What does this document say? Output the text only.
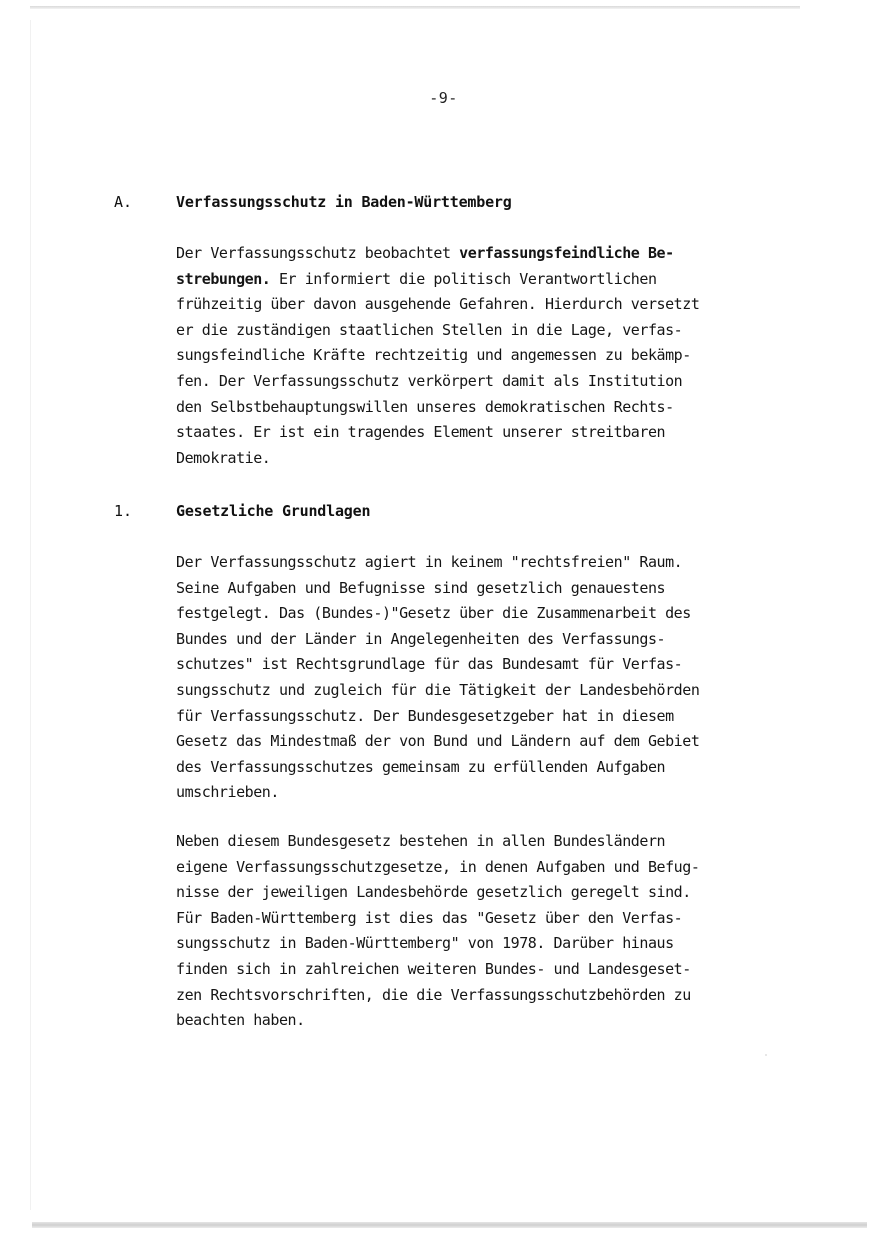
-9-
A.	Verfassungsschutz in Baden-Württemberg
Der Verfassungsschutz beobachtet verfassungsfeindliche Be-
strebungen. Er informiert die politisch Verantwortlichen
frühzeitig über davon ausgehende Gefahren. Hierdurch versetzt
er die zuständigen staatlichen Stellen in die Lage, verfas-
sungsfeindliche Kräfte rechtzeitig und angemessen zu bekämp-
fen. Der Verfassungsschutz verkörpert damit als Institution
den Selbstbehauptungswillen unseres demokratischen Rechts-
staates. Er ist ein tragendes Element unserer streitbaren
Demokratie.
1.	Gesetzliche Grundlagen
Der Verfassungsschutz agiert in keinem "rechtsfreien" Raum.
Seine Aufgaben und Befugnisse sind gesetzlich genauestens
festgelegt. Das (Bundes-)"Gesetz über die Zusammenarbeit des
Bundes und der Länder in Angelegenheiten des Verfassungs-
schutzes" ist Rechtsgrundlage für das Bundesamt für Verfas-
sungsschutz und zugleich für die Tätigkeit der Landesbehörden
für Verfassungsschutz. Der Bundesgesetzgeber hat in diesem
Gesetz das Mindestmaß der von Bund und Ländern auf dem Gebiet
des Verfassungsschutzes gemeinsam zu erfüllenden Aufgaben
umschrieben.
Neben diesem Bundesgesetz bestehen in allen Bundesländern
eigene Verfassungsschutzgesetze, in denen Aufgaben und Befug-
nisse der jeweiligen Landesbehörde gesetzlich geregelt sind.
Für Baden-Württemberg ist dies das "Gesetz über den Verfas-
sungsschutz in Baden-Württemberg" von 1978. Darüber hinaus
finden sich in zahlreichen weiteren Bundes- und Landesgeset-
zen Rechtsvorschriften, die die Verfassungsschutzbehörden zu
beachten haben.
